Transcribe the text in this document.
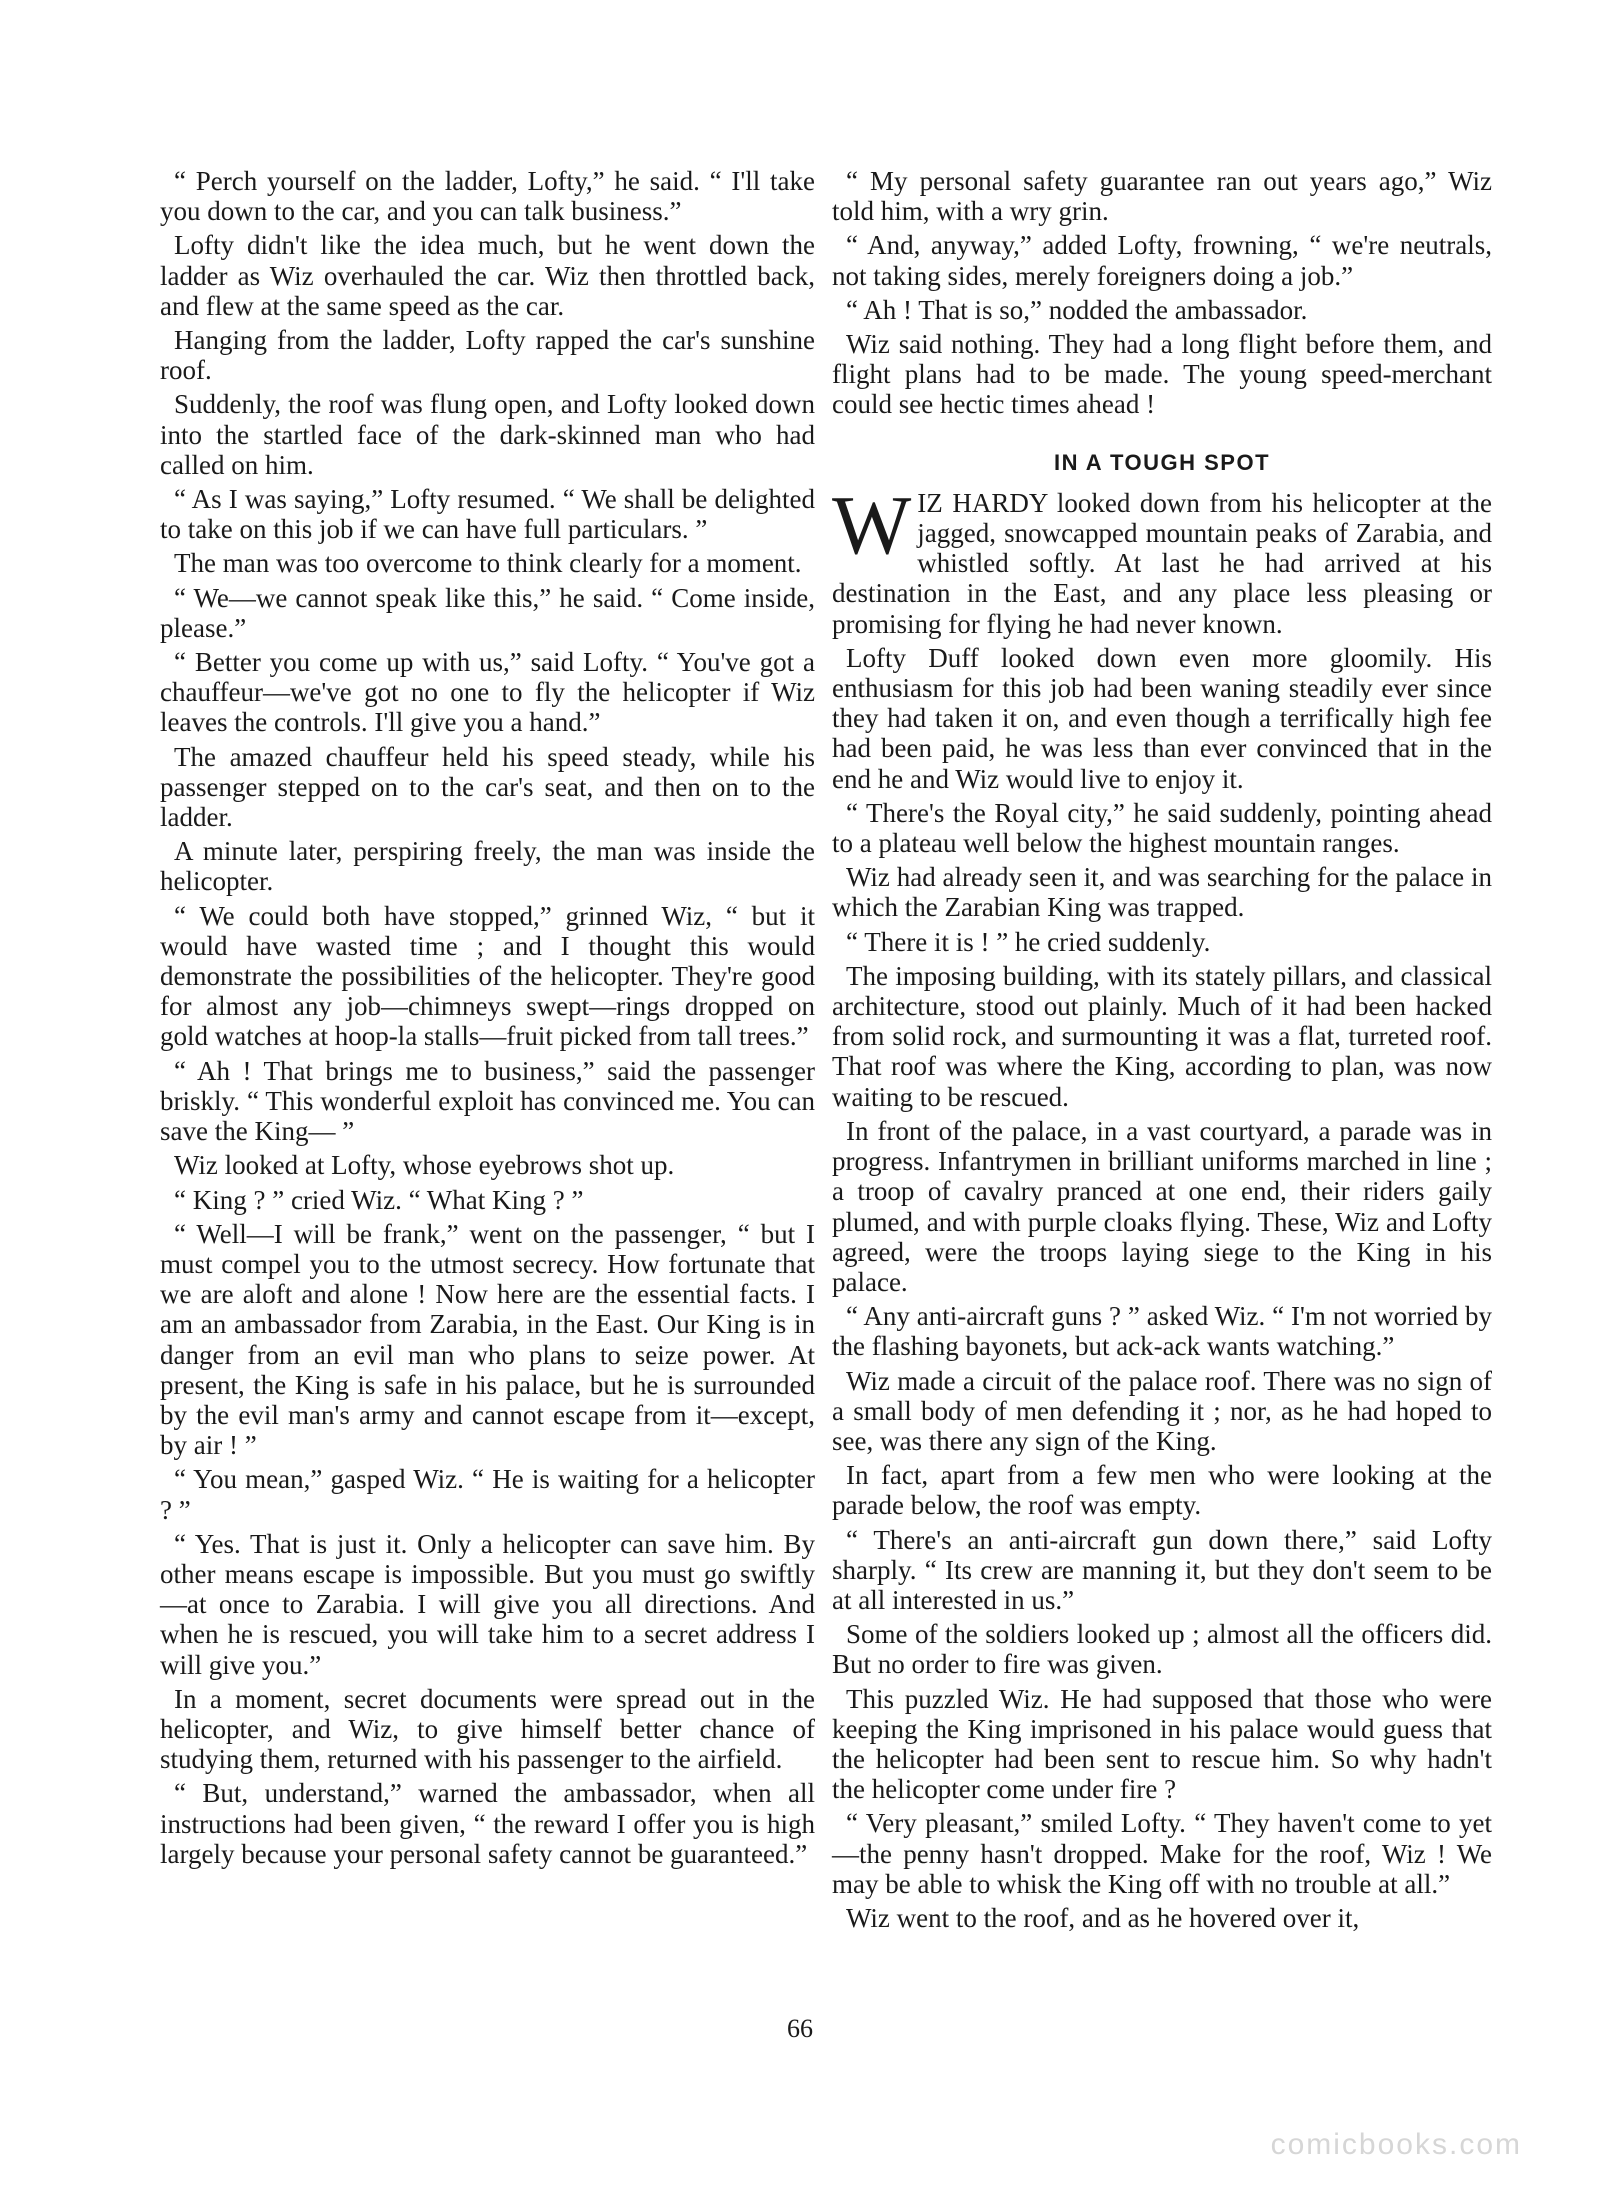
“ Perch yourself on the ladder, Lofty,” he said. “ I'll take you down to the car, and you can talk business.”

Lofty didn't like the idea much, but he went down the ladder as Wiz overhauled the car. Wiz then throttled back, and flew at the same speed as the car.

Hanging from the ladder, Lofty rapped the car's sunshine roof.

Suddenly, the roof was flung open, and Lofty looked down into the startled face of the dark-skinned man who had called on him.

“ As I was saying,” Lofty resumed. “ We shall be delighted to take on this job if we can have full particulars. ”

The man was too overcome to think clearly for a moment.

“ We—we cannot speak like this,” he said. “ Come inside, please.”

“ Better you come up with us,” said Lofty. “ You've got a chauffeur—we've got no one to fly the helicopter if Wiz leaves the controls. I'll give you a hand.”

The amazed chauffeur held his speed steady, while his passenger stepped on to the car's seat, and then on to the ladder.

A minute later, perspiring freely, the man was inside the helicopter.

“ We could both have stopped,” grinned Wiz, “ but it would have wasted time ; and I thought this would demonstrate the possibilities of the helicopter. They're good for almost any job—chimneys swept—rings dropped on gold watches at hoop-la stalls—fruit picked from tall trees.”

“ Ah ! That brings me to business,” said the passenger briskly. “ This wonderful exploit has convinced me. You can save the King— ”

Wiz looked at Lofty, whose eyebrows shot up.

“ King ? ” cried Wiz. “ What King ? ”

“ Well—I will be frank,” went on the passenger, “ but I must compel you to the utmost secrecy. How fortunate that we are aloft and alone ! Now here are the essential facts. I am an ambassador from Zarabia, in the East. Our King is in danger from an evil man who plans to seize power. At present, the King is safe in his palace, but he is surrounded by the evil man's army and cannot escape from it—except, by air ! ”

“ You mean,” gasped Wiz. “ He is waiting for a helicopter ? ”

“ Yes. That is just it. Only a helicopter can save him. By other means escape is impossible. But you must go swiftly—at once to Zarabia. I will give you all directions. And when he is rescued, you will take him to a secret address I will give you.”

In a moment, secret documents were spread out in the helicopter, and Wiz, to give himself better chance of studying them, returned with his passenger to the airfield.

“ But, understand,” warned the ambassador, when all instructions had been given, “ the reward I offer you is high largely because your personal safety cannot be guaranteed.”

“ My personal safety guarantee ran out years ago,” Wiz told him, with a wry grin.

“ And, anyway,” added Lofty, frowning, “ we're neutrals, not taking sides, merely foreigners doing a job.”

“ Ah ! That is so,” nodded the ambassador.

Wiz said nothing. They had a long flight before them, and flight plans had to be made. The young speed-merchant could see hectic times ahead !

IN A TOUGH SPOT

WIZ HARDY looked down from his helicopter at the jagged, snowcapped mountain peaks of Zarabia, and whistled softly. At last he had arrived at his destination in the East, and any place less pleasing or promising for flying he had never known.

Lofty Duff looked down even more gloomily. His enthusiasm for this job had been waning steadily ever since they had taken it on, and even though a terrifically high fee had been paid, he was less than ever convinced that in the end he and Wiz would live to enjoy it.

“ There's the Royal city,” he said suddenly, pointing ahead to a plateau well below the highest mountain ranges.

Wiz had already seen it, and was searching for the palace in which the Zarabian King was trapped.

“ There it is ! ” he cried suddenly.

The imposing building, with its stately pillars, and classical architecture, stood out plainly. Much of it had been hacked from solid rock, and surmounting it was a flat, turreted roof. That roof was where the King, according to plan, was now waiting to be rescued.

In front of the palace, in a vast courtyard, a parade was in progress. Infantrymen in brilliant uniforms marched in line ; a troop of cavalry pranced at one end, their riders gaily plumed, and with purple cloaks flying. These, Wiz and Lofty agreed, were the troops laying siege to the King in his palace.

“ Any anti-aircraft guns ? ” asked Wiz. “ I'm not worried by the flashing bayonets, but ack-ack wants watching.”

Wiz made a circuit of the palace roof. There was no sign of a small body of men defending it ; nor, as he had hoped to see, was there any sign of the King.

In fact, apart from a few men who were looking at the parade below, the roof was empty.

“ There's an anti-aircraft gun down there,” said Lofty sharply. “ Its crew are manning it, but they don't seem to be at all interested in us.”

Some of the soldiers looked up ; almost all the officers did. But no order to fire was given.

This puzzled Wiz. He had supposed that those who were keeping the King imprisoned in his palace would guess that the helicopter had been sent to rescue him. So why hadn't the helicopter come under fire ?

“ Very pleasant,” smiled Lofty. “ They haven't come to yet—the penny hasn't dropped. Make for the roof, Wiz ! We may be able to whisk the King off with no trouble at all.”

Wiz went to the roof, and as he hovered over it,

66
comicbooks.com
